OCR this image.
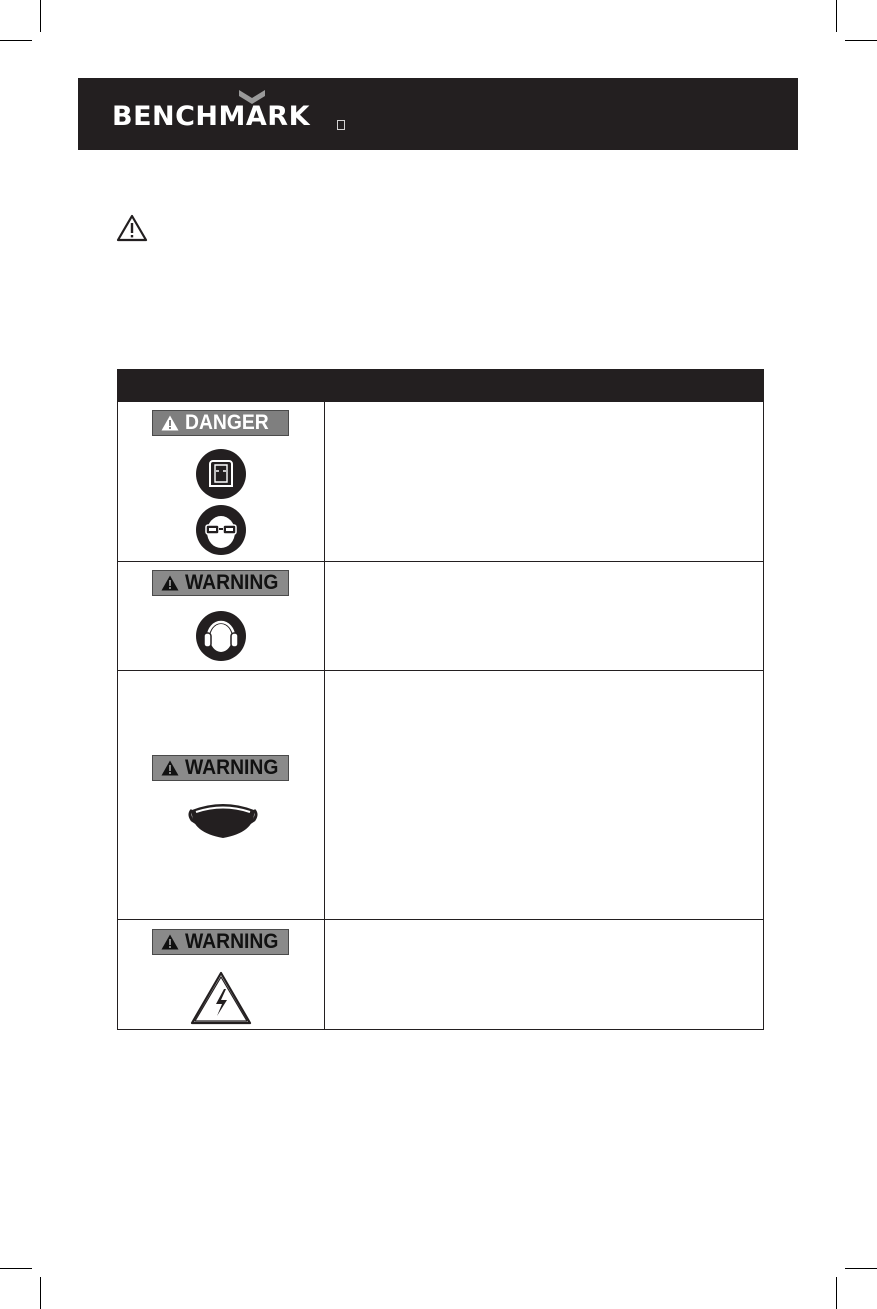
BENCHMARK
DANGER
WARNING
WARNING
WARNING
